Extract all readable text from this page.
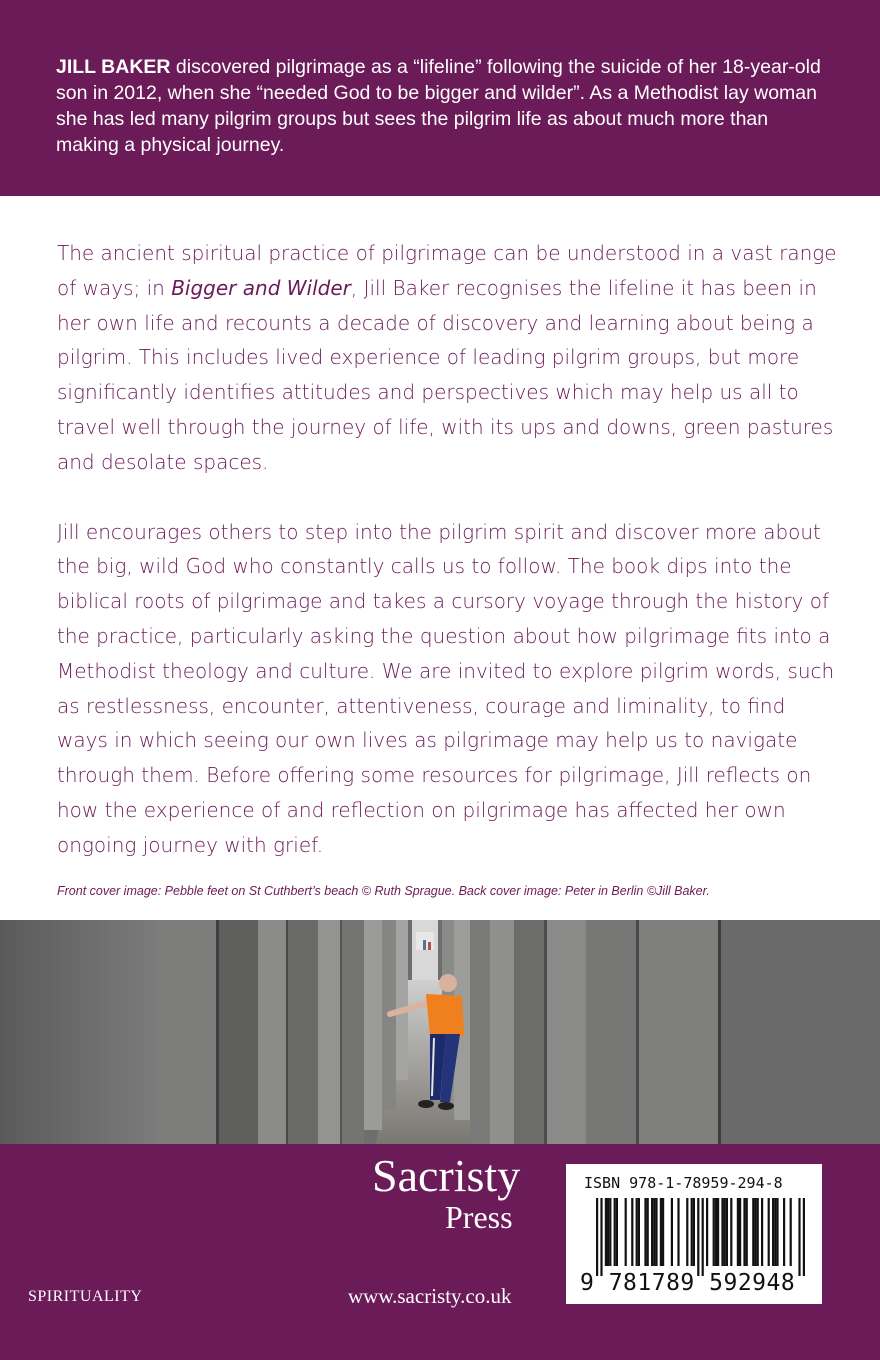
JILL BAKER discovered pilgrimage as a “lifeline” following the suicide of her 18-year-old son in 2012, when she “needed God to be bigger and wilder”. As a Methodist lay woman she has led many pilgrim groups but sees the pilgrim life as about much more than making a physical journey.

The ancient spiritual practice of pilgrimage can be understood in a vast range of ways; in Bigger and Wilder, Jill Baker recognises the lifeline it has been in her own life and recounts a decade of discovery and learning about being a pilgrim. This includes lived experience of leading pilgrim groups, but more significantly identifies attitudes and perspectives which may help us all to travel well through the journey of life, with its ups and downs, green pastures and desolate spaces.

Jill encourages others to step into the pilgrim spirit and discover more about the big, wild God who constantly calls us to follow. The book dips into the biblical roots of pilgrimage and takes a cursory voyage through the history of the practice, particularly asking the question about how pilgrimage fits into a Methodist theology and culture. We are invited to explore pilgrim words, such as restlessness, encounter, attentiveness, courage and liminality, to find ways in which seeing our own lives as pilgrimage may help us to navigate through them. Before offering some resources for pilgrimage, Jill reflects on how the experience of and reflection on pilgrimage has affected her own ongoing journey with grief.

Front cover image: Pebble feet on St Cuthbert’s beach © Ruth Sprague. Back cover image: Peter in Berlin ©Jill Baker.
Sacristy
Press
SPIRITUALITY	www.sacristy.co.uk
ISBN 978-1-78959-294-8
9 781789 592948
